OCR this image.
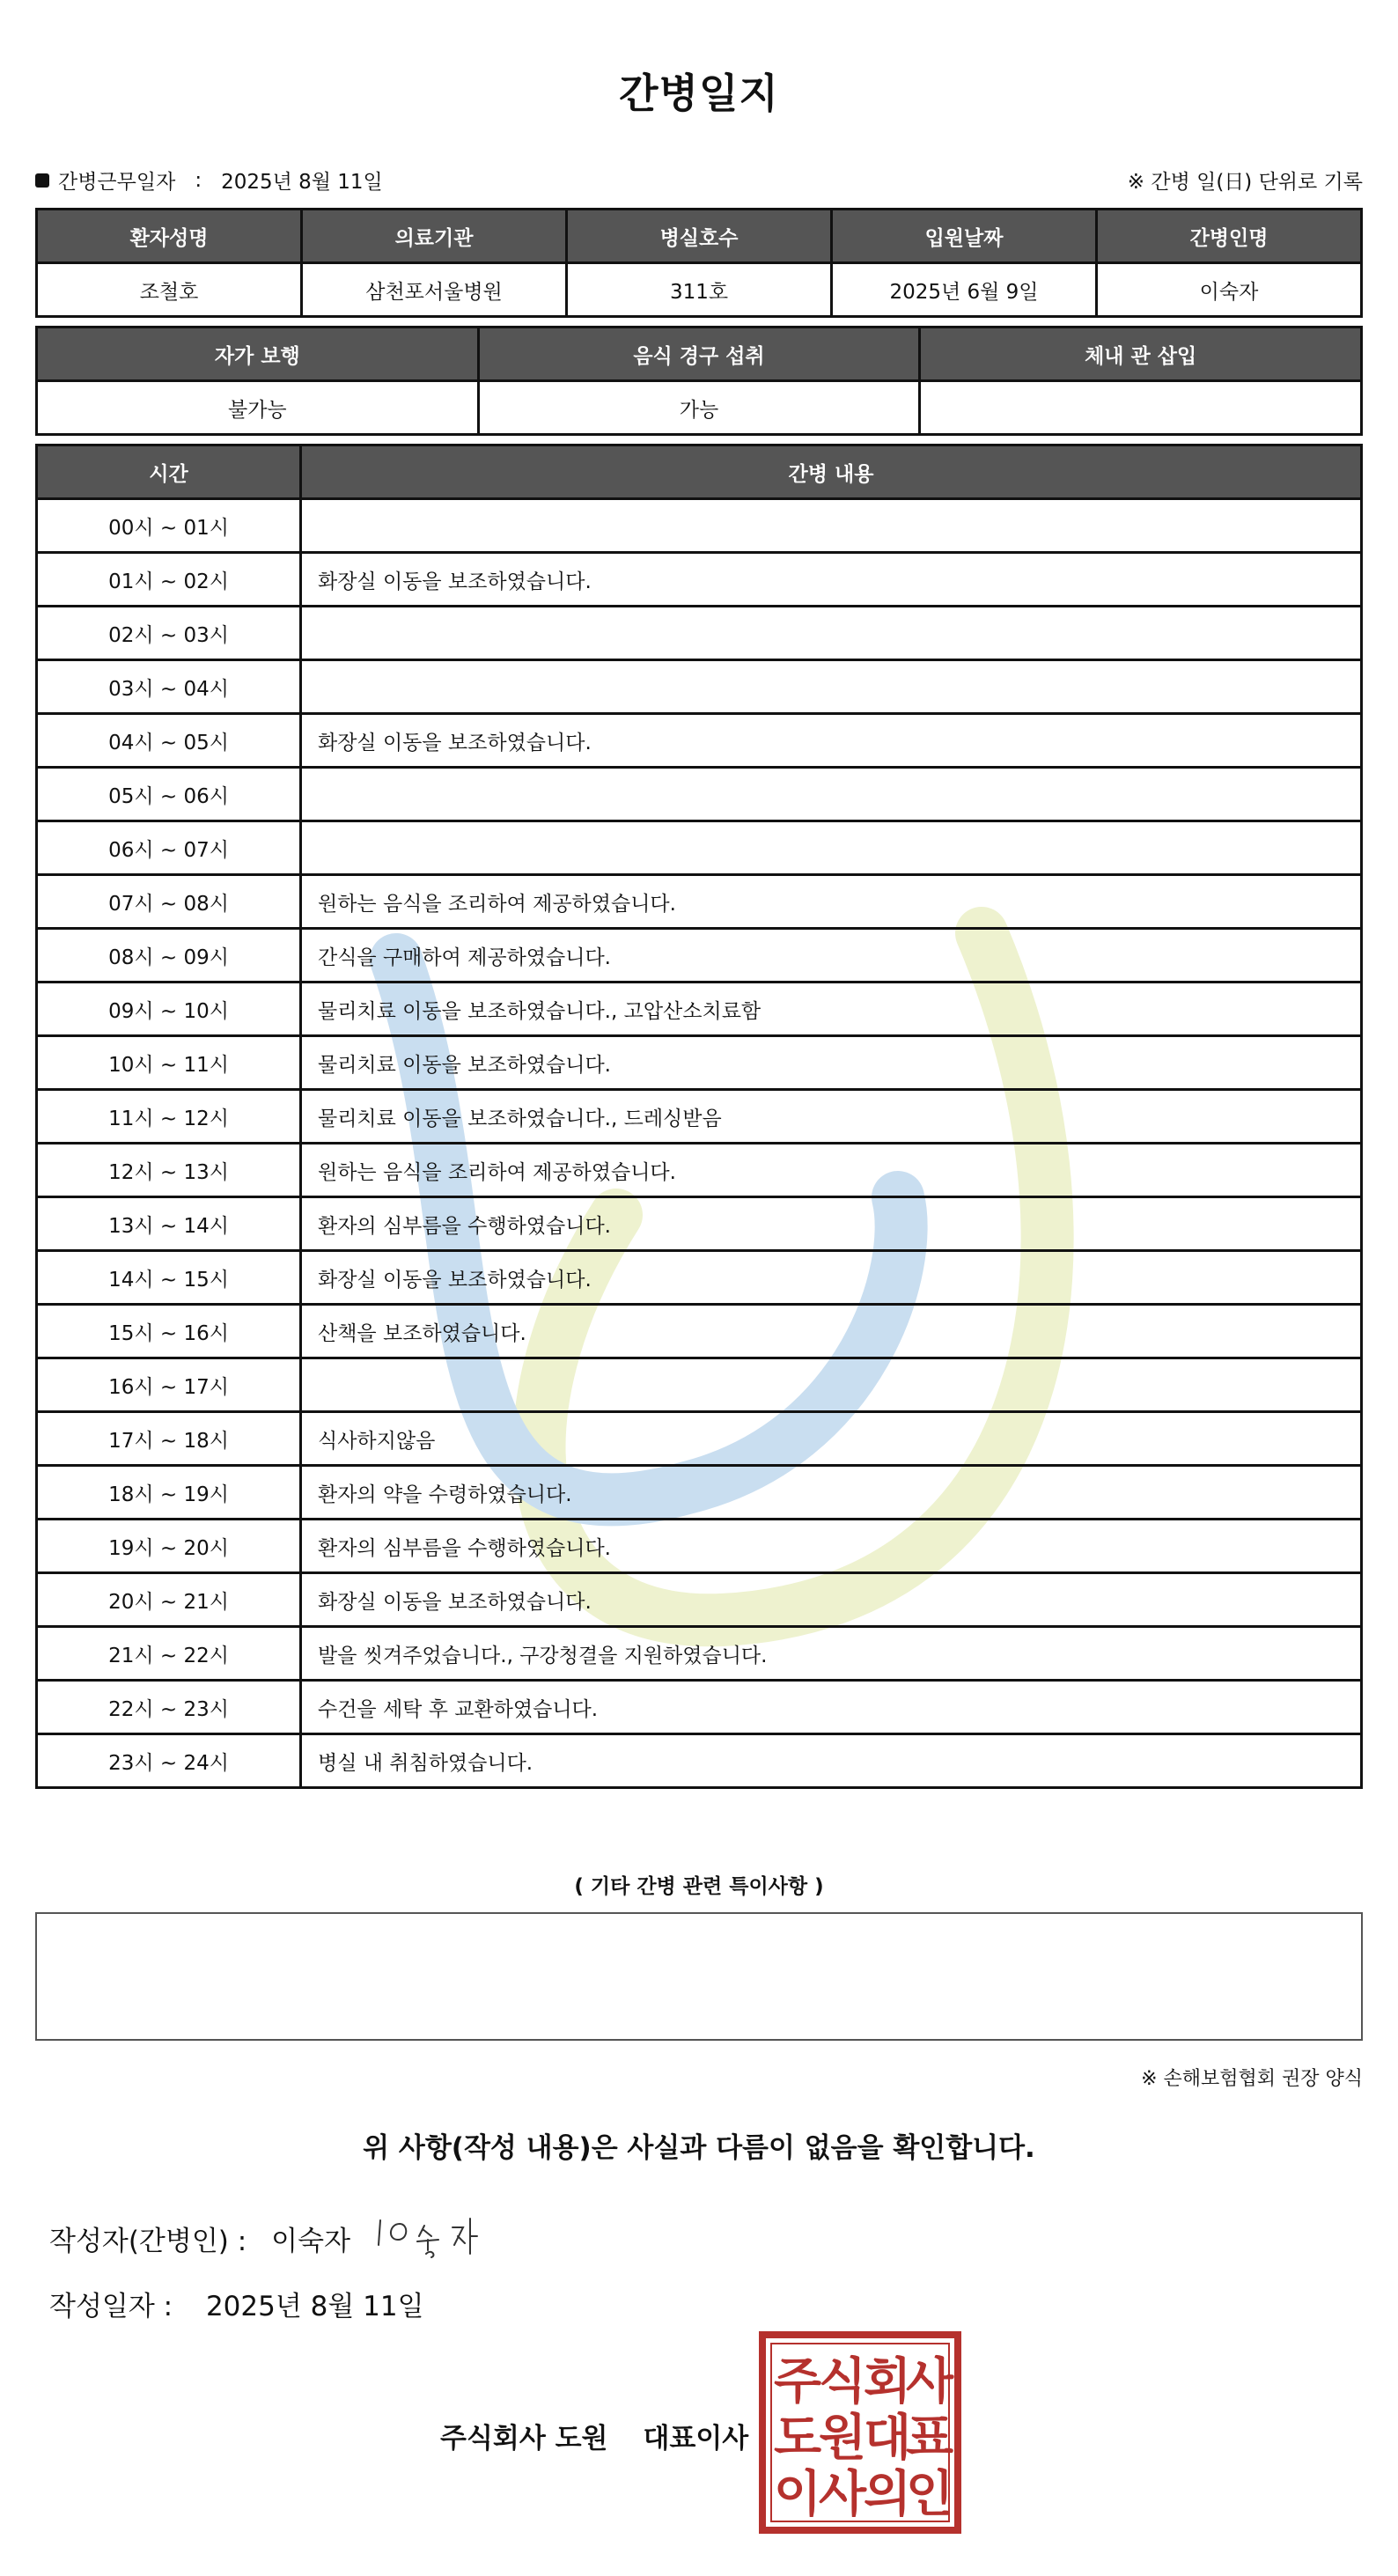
간병일지
간병근무일자 : 2025년 8월 11일	※ 간병 일(日) 단위로 기록
환자성명	의료기관	병실호수	입원날짜	간병인명
조철호	삼천포서울병원	311호	2025년 6월 9일	이숙자
자가 보행	음식 경구 섭취	체내 관 삽입
불가능	가능	
시간	간병 내용
00시 ~ 01시	
01시 ~ 02시	화장실 이동을 보조하였습니다.
02시 ~ 03시	
03시 ~ 04시	
04시 ~ 05시	화장실 이동을 보조하였습니다.
05시 ~ 06시	
06시 ~ 07시	
07시 ~ 08시	원하는 음식을 조리하여 제공하였습니다.
08시 ~ 09시	간식을 구매하여 제공하였습니다.
09시 ~ 10시	물리치료 이동을 보조하였습니다., 고압산소치료함
10시 ~ 11시	물리치료 이동을 보조하였습니다.
11시 ~ 12시	물리치료 이동을 보조하였습니다., 드레싱받음
12시 ~ 13시	원하는 음식을 조리하여 제공하였습니다.
13시 ~ 14시	환자의 심부름을 수행하였습니다.
14시 ~ 15시	화장실 이동을 보조하였습니다.
15시 ~ 16시	산책을 보조하였습니다.
16시 ~ 17시	
17시 ~ 18시	식사하지않음
18시 ~ 19시	환자의 약을 수령하였습니다.
19시 ~ 20시	환자의 심부름을 수행하였습니다.
20시 ~ 21시	화장실 이동을 보조하였습니다.
21시 ~ 22시	발을 씻겨주었습니다., 구강청결을 지원하였습니다.
22시 ~ 23시	수건을 세탁 후 교환하였습니다.
23시 ~ 24시	병실 내 취침하였습니다.
( 기타 간병 관련 특이사항 )
※ 손해보험협회 권장 양식
위 사항(작성 내용)은 사실과 다름이 없음을 확인합니다.
작성자(간병인) : 이숙자
작성일자 : 2025년 8월 11일
주식회사 도원 대표이사
주
식
회
사
도
원
대
표
이
사
의
인
